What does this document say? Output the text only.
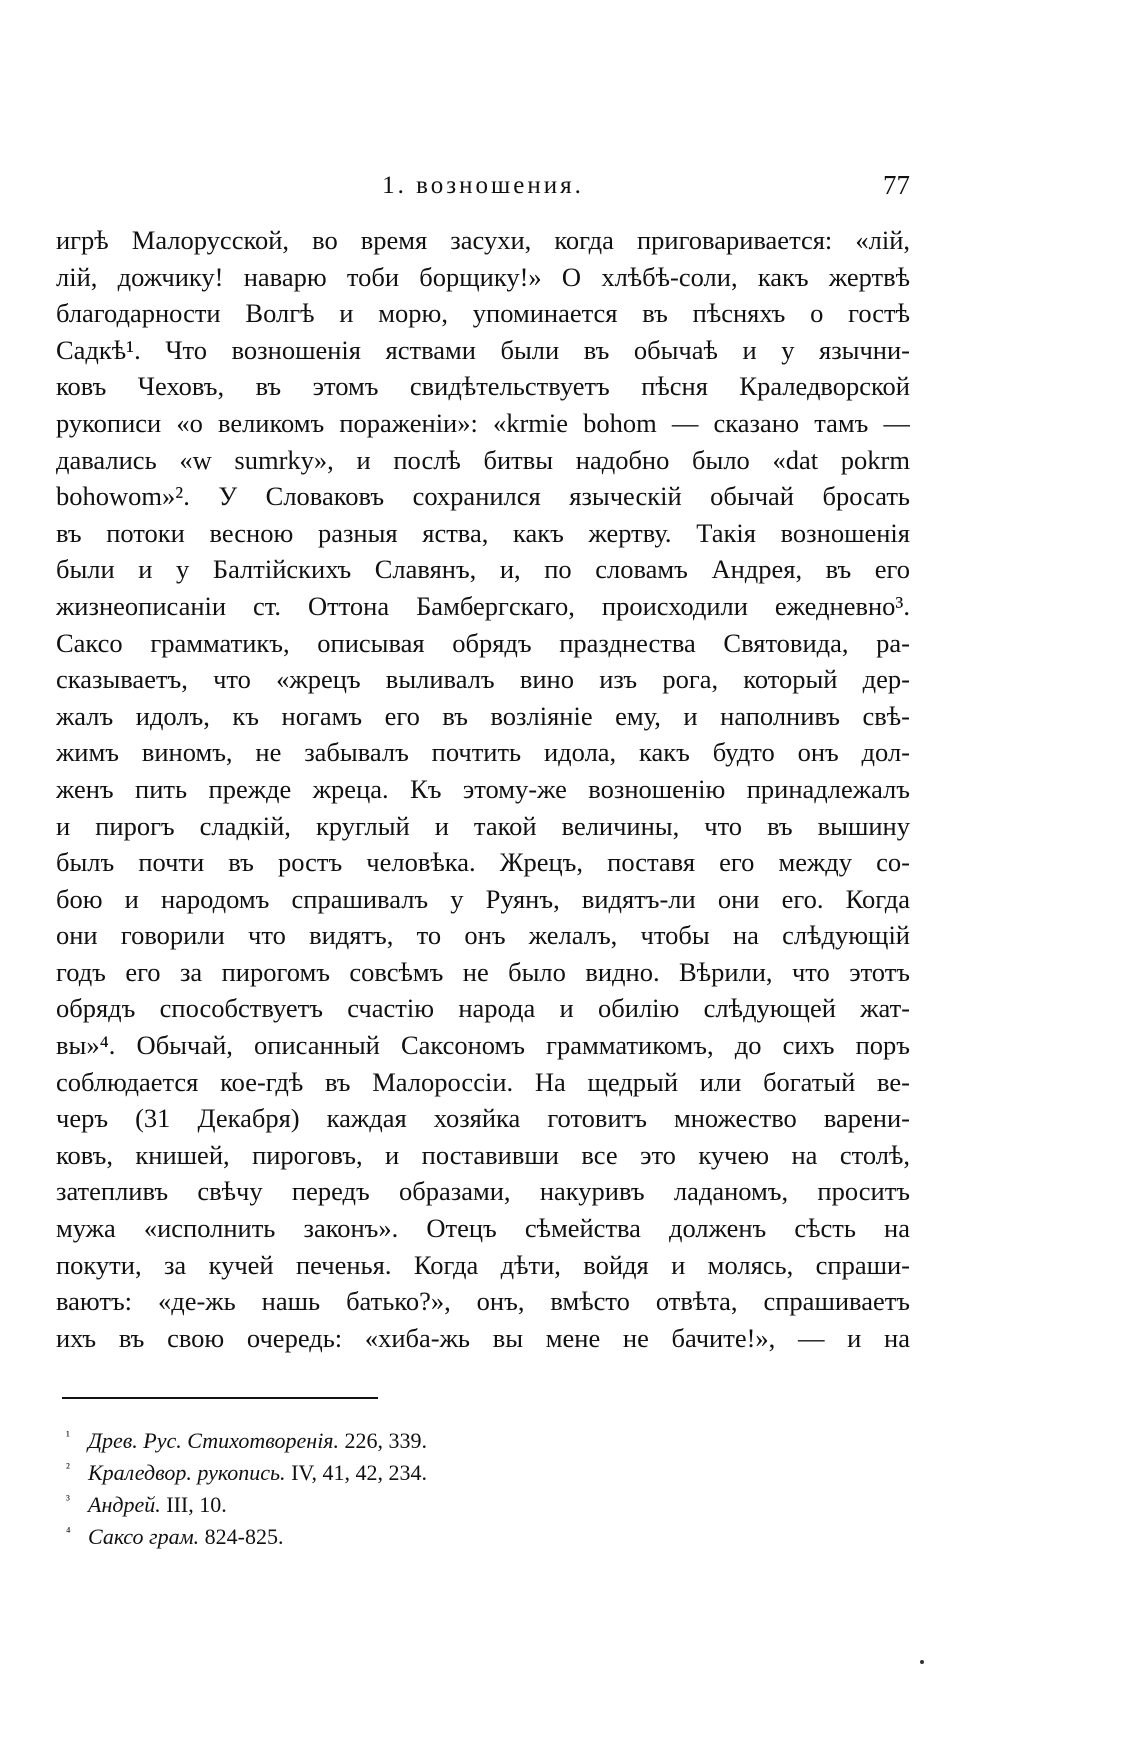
1. возношения.	77
игрѣ Малорусской, во время засухи, когда приговаривается: «лій,
лій, дожчику! наварю тоби борщику!» О хлѣбѣ-соли, какъ жертвѣ
благодарности Волгѣ и морю, упоминается въ пѣсняхъ о гостѣ
Садкѣ¹. Что возношенія яствами были въ обычаѣ и у язычни-
ковъ Чеховъ, въ этомъ свидѣтельствуетъ пѣсня Краледворской
рукописи «о великомъ пораженіи»: «krmie bohom — сказано тамъ —
давались «w sumrky», и послѣ битвы надобно было «dat pokrm
bohowom»². У Словаковъ сохранился языческій обычай бросать
въ потоки весною разныя яства, какъ жертву. Такія возношенія
были и у Балтійскихъ Славянъ, и, по словамъ Андрея, въ его
жизнеописаніи ст. Оттона Бамбергскаго, происходили ежедневно³.
Саксо грамматикъ, описывая обрядъ празднества Святовида, ра-
сказываетъ, что «жрецъ выливалъ вино изъ рога, который дер-
жалъ идолъ, къ ногамъ его въ возліяніе ему, и наполнивъ свѣ-
жимъ виномъ, не забывалъ почтить идола, какъ будто онъ дол-
женъ пить прежде жреца. Къ этому-же возношенію принадлежалъ
и пирогъ сладкій, круглый и такой величины, что въ вышину
былъ почти въ ростъ человѣка. Жрецъ, поставя его между со-
бою и народомъ спрашивалъ у Руянъ, видятъ-ли они его. Когда
они говорили что видятъ, то онъ желалъ, чтобы на слѣдующій
годъ его за пирогомъ совсѣмъ не было видно. Вѣрили, что этотъ
обрядъ способствуетъ счастію народа и обилію слѣдующей жат-
вы»⁴. Обычай, описанный Саксономъ грамматикомъ, до сихъ поръ
соблюдается кое-гдѣ въ Малороссіи. На щедрый или богатый ве-
черъ (31 Декабря) каждая хозяйка готовитъ множество варени-
ковъ, книшей, пироговъ, и поставивши все это кучею на столѣ,
затепливъ свѣчу передъ образами, накуривъ ладаномъ, проситъ
мужа «исполнить законъ». Отецъ сѣмейства долженъ сѣсть на
покути, за кучей печенья. Когда дѣти, войдя и молясь, спраши-
ваютъ: «де-жь нашь батько?», онъ, вмѣсто отвѣта, спрашиваетъ
ихъ въ свою очередь: «хиба-жь вы мене не бачите!», — и на
¹ Древ. Рус. Стихотворенія. 226, 339.
² Краледвор. рукопись. IV, 41, 42, 234.
³ Андрей. III, 10.
⁴ Саксо грам. 824-825.
